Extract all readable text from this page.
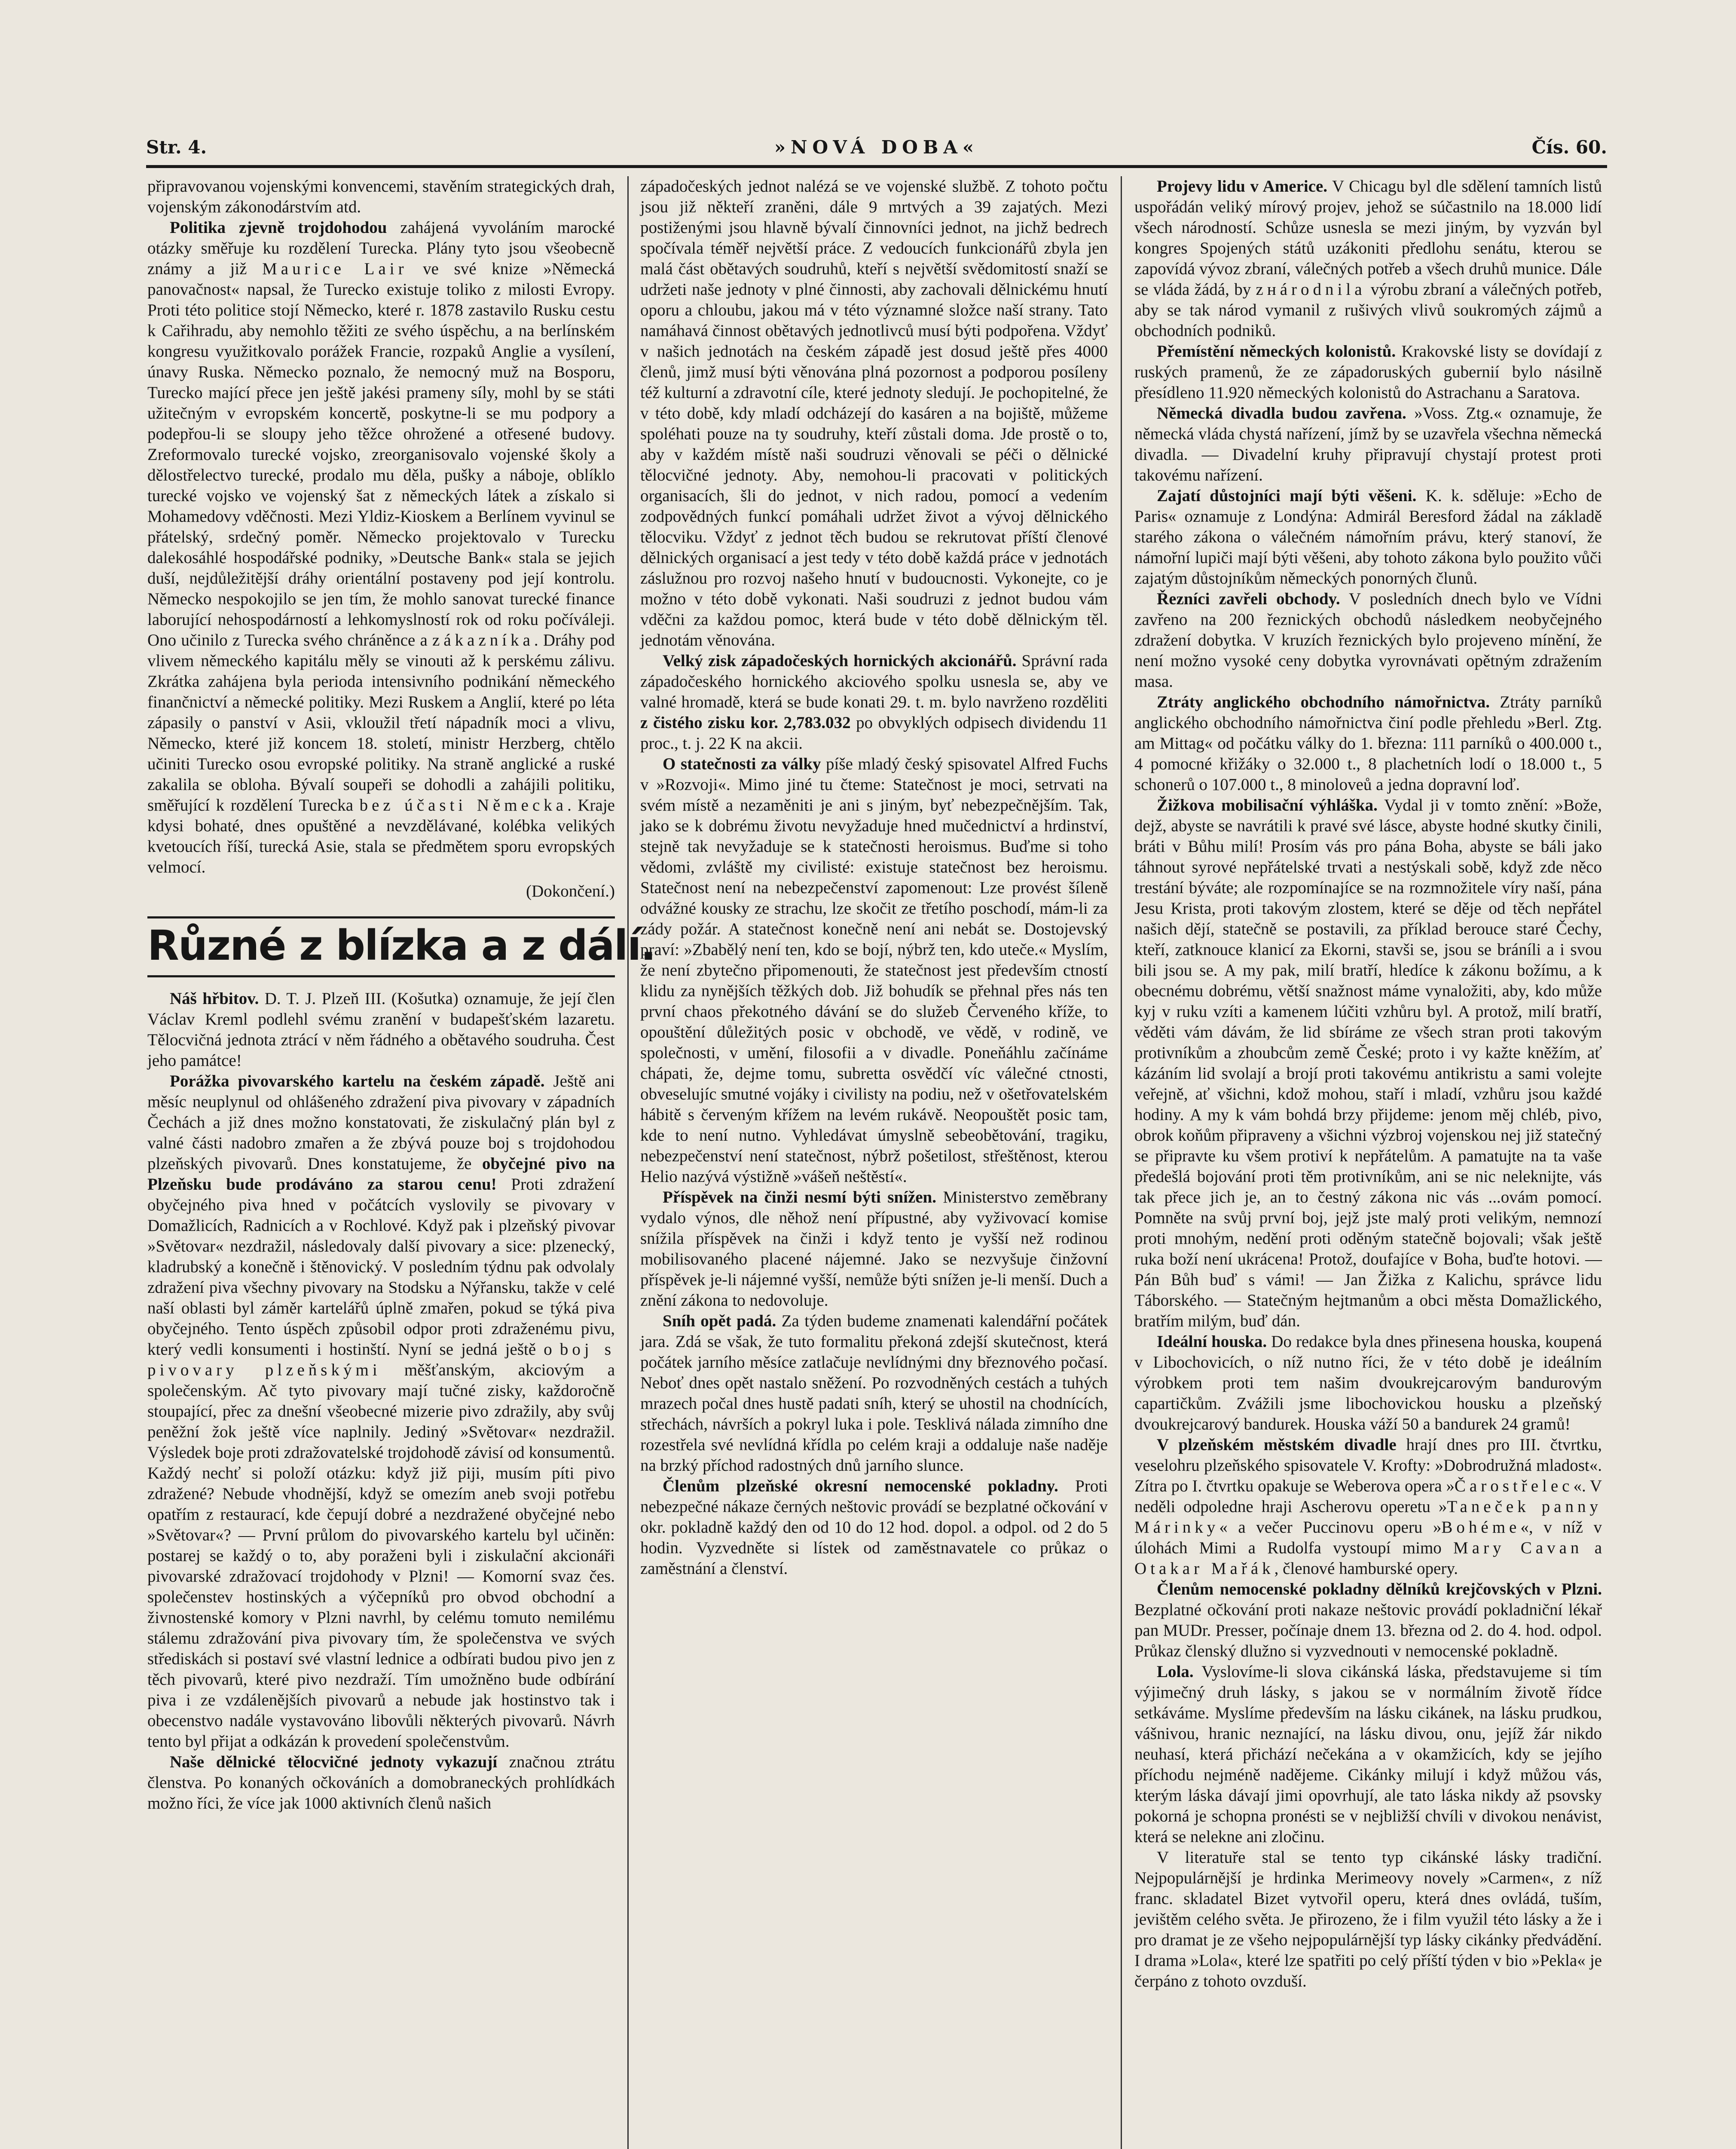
Str. 4.	»NOVÁ DOBA«	Čís. 60.

připravovanou vojenskými konvencemi, stavěním strategických drah, vojenským zákonodárstvím atd.

Politika zjevně trojdohodou zahájená vyvoláním marocké otázky směřuje ku rozdělení Turecka. Plány tyto jsou všeobecně známy a již Maurice Lair ve své knize »Německá panovačnost« napsal, že Turecko existuje toliko z milosti Evropy. Proti této politice stojí Německo, které r. 1878 zastavilo Rusku cestu k Cařihradu, aby nemohlo těžiti ze svého úspěchu, a na berlínském kongresu využitkovalo porážek Francie, rozpaků Anglie a vysílení, únavy Ruska. Německo poznalo, že nemocný muž na Bosporu, Turecko mající přece jen ještě jakési prameny síly, mohl by se státi užitečným v evropském koncertě, poskytne-li se mu podpory a podepřou-li se sloupy jeho těžce ohrožené a otřesené budovy. Zreformovalo turecké vojsko, zreorganisovalo vojenské školy a dělostřelectvo turecké, prodalo mu děla, pušky a náboje, oblíklo turecké vojsko ve vojenský šat z německých látek a získalo si Mohamedovy vděčnosti. Mezi Yldiz-Kioskem a Berlínem vyvinul se přátelský, srdečný poměr. Německo projektovalo v Turecku dalekosáhlé hospodářské podniky, »Deutsche Bank« stala se jejich duší, nejdůležitější dráhy orientální postaveny pod její kontrolu. Německo nespokojilo se jen tím, že mohlo sanovat turecké finance laborující nehospodárností a lehkomyslností rok od roku počíváleji. Ono učinilo z Turecka svého chráněnce a zákazníka. Dráhy pod vlivem německého kapitálu měly se vinouti až k perskému zálivu. Zkrátka zahájena byla perioda intensivního podnikání německého finančnictví a německé politiky. Mezi Ruskem a Anglií, které po léta zápasily o panství v Asii, vkloužil třetí nápadník moci a vlivu, Německo, které již koncem 18. století, ministr Herzberg, chtělo učiniti Turecko osou evropské politiky. Na straně anglické a ruské zakalila se obloha. Bývalí soupeři se dohodli a zahájili politiku, směřující k rozdělení Turecka bez účasti Německa. Kraje kdysi bohaté, dnes opuštěné a nevzdělávané, kolébka velikých kvetoucích říší, turecká Asie, stala se předmětem sporu evropských velmocí.

(Dokončení.)

Různé z blízka a z dálí.

Náš hřbitov. D. T. J. Plzeň III. (Košutka) oznamuje, že její člen Václav Kreml podlehl svému zranění v budapešťském lazaretu. Tělocvičná jednota ztrácí v něm řádného a obětavého soudruha. Čest jeho památce!

Porážka pivovarského kartelu na českém západě. Ještě ani měsíc neuplynul od ohlášeného zdražení piva pivovary v západních Čechách a již dnes možno konstatovati, že ziskulačný plán byl z valné části nadobro zmařen a že zbývá pouze boj s trojdohodou plzeňských pivovarů. Dnes konstatujeme, že obyčejné pivo na Plzeňsku bude prodáváno za starou cenu! Proti zdražení obyčejného piva hned v počátcích vyslovily se pivovary v Domažlicích, Radnicích a v Rochlové. Když pak i plzeňský pivovar »Světovar« nezdražil, následovaly další pivovary a sice: plzenecký, kladrubský a konečně i štěnovický. V posledním týdnu pak odvolaly zdražení piva všechny pivovary na Stodsku a Nýřansku, takže v celé naší oblasti byl záměr kartelářů úplně zmařen, pokud se týká piva obyčejného. Tento úspěch způsobil odpor proti zdraženému pivu, který vedli konsumenti i hostinští. Nyní se jedná ještě o boj s pivovary plzeňskými měšťanským, akciovým a společenským. Ač tyto pivovary mají tučné zisky, každoročně stoupající, přec za dnešní všeobecné mizerie pivo zdražily, aby svůj peněžní žok ještě více naplnily. Jediný »Světovar« nezdražil. Výsledek boje proti zdražovatelské trojdohodě závisí od konsumentů. Každý nechť si položí otázku: když již piji, musím píti pivo zdražené? Nebude vhodnější, když se omezím aneb svoji potřebu opatřím z restaurací, kde čepují dobré a nezdražené obyčejné nebo »Světovar«? — První průlom do pivovarského kartelu byl učiněn: postarej se každý o to, aby poraženi byli i ziskulační akcionáři pivovarské zdražovací trojdohody v Plzni! — Komorní svaz čes. společenstev hostinských a výčepníků pro obvod obchodní a živnostenské komory v Plzni navrhl, by celému tomuto nemilému stálemu zdražování piva pivovary tím, že společenstva ve svých střediskách si postaví své vlastní lednice a odbírati budou pivo jen z těch pivovarů, které pivo nezdraží. Tím umožněno bude odbírání piva i ze vzdálenějších pivovarů a nebude jak hostinstvo tak i obecenstvo nadále vystavováno libovůli některých pivovarů. Návrh tento byl přijat a odkázán k provedení společenstvům.

Naše dělnické tělocvičné jednoty vykazují značnou ztrátu členstva. Po konaných očkováních a domobraneckých prohlídkách možno říci, že více jak 1000 aktivních členů našich

západočeských jednot nalézá se ve vojenské službě. Z tohoto počtu jsou již někteří zraněni, dále 9 mrtvých a 39 zajatých. Mezi postiženými jsou hlavně bývalí činnovníci jednot, na jichž bedrech spočívala téměř největší práce. Z vedoucích funkcionářů zbyla jen malá část obětavých soudruhů, kteří s největší svědomitostí snaží se udržeti naše jednoty v plné činnosti, aby zachovali dělnickému hnutí oporu a chloubu, jakou má v této významné složce naší strany. Tato namáhavá činnost obětavých jednotlivců musí býti podpořena. Vždyť v našich jednotách na českém západě jest dosud ještě přes 4000 členů, jimž musí býti věnována plná pozornost a podporou posíleny též kulturní a zdravotní cíle, které jednoty sledují. Je pochopitelné, že v této době, kdy mladí odcházejí do kasáren a na bojiště, můžeme spoléhati pouze na ty soudruhy, kteří zůstali doma. Jde prostě o to, aby v každém místě naši soudruzi věnovali se péči o dělnické tělocvičné jednoty. Aby, nemohou-li pracovati v politických organisacích, šli do jednot, v nich radou, pomocí a vedením zodpovědných funkcí pomáhali udržet život a vývoj dělnického tělocviku. Vždyť z jednot těch budou se rekrutovat příští členové dělnických organisací a jest tedy v této době každá práce v jednotách záslužnou pro rozvoj našeho hnutí v budoucnosti. Vykonejte, co je možno v této době vykonati. Naši soudruzi z jednot budou vám vděčni za každou pomoc, která bude v této době dělnickým těl. jednotám věnována.

Velký zisk západočeských hornických akcionářů. Správní rada západočeského hornického akciového spolku usnesla se, aby ve valné hromadě, která se bude konati 29. t. m. bylo navrženo rozděliti z čistého zisku kor. 2,783.032 po obvyklých odpisech dividendu 11 proc., t. j. 22 K na akcii.

O statečnosti za války píše mladý český spisovatel Alfred Fuchs v »Rozvoji«. Mimo jiné tu čteme: Statečnost je moci, setrvati na svém místě a nezaměniti je ani s jiným, byť nebezpečnějším. Tak, jako se k dobrému životu nevyžaduje hned mučednictví a hrdinství, stejně tak nevyžaduje se k statečnosti heroismus. Buďme si toho vědomi, zvláště my civilisté: existuje statečnost bez heroismu. Statečnost není na nebezpečenství zapomenout: Lze provést šíleně odvážné kousky ze strachu, lze skočit ze třetího poschodí, mám-li za zády požár. A statečnost konečně není ani nebát se. Dostojevský praví: »Zbabělý není ten, kdo se bojí, nýbrž ten, kdo uteče.« Myslím, že není zbytečno připomenouti, že statečnost jest především ctností klidu za nynějších těžkých dob. Již bohudík se přehnal přes nás ten první chaos překotného dávání se do služeb Červeného kříže, to opouštění důležitých posic v obchodě, ve vědě, v rodině, ve společnosti, v umění, filosofii a v divadle. Poneňáhlu začínáme chápati, že, dejme tomu, subretta osvědčí víc válečné ctnosti, obveselujíc smutné vojáky i civilisty na podiu, než v ošetřovatelském hábitě s červeným křížem na levém rukávě. Neopouštět posic tam, kde to není nutno. Vyhledávat úmyslně sebeobětování, tragiku, nebezpečenství není statečnost, nýbrž pošetilost, střeštěnost, kterou Helio nazývá výstižně »vášeň neštěstí«.

Příspěvek na činži nesmí býti snížen. Ministerstvo zeměbrany vydalo výnos, dle něhož není přípustné, aby vyživovací komise snížila příspěvek na činži i když tento je vyšší než rodinou mobilisovaného placené nájemné. Jako se nezvyšuje činžovní příspěvek je-li nájemné vyšší, nemůže býti snížen je-li menší. Duch a znění zákona to nedovoluje.

Sníh opět padá. Za týden budeme znamenati kalendářní počátek jara. Zdá se však, že tuto formalitu překoná zdejší skutečnost, která počátek jarního měsíce zatlačuje nevlídnými dny březnového počasí. Neboť dnes opět nastalo sněžení. Po rozvodněných cestách a tuhých mrazech počal dnes hustě padati sníh, který se uhostil na chodnících, střechách, návrších a pokryl luka i pole. Tesklivá nálada zimního dne rozestřela své nevlídná křídla po celém kraji a oddaluje naše naděje na brzký příchod radostných dnů jarního slunce.

Členům plzeňské okresní nemocenské pokladny. Proti nebezpečné nákaze černých neštovic provádí se bezplatné očkování v okr. pokladně každý den od 10 do 12 hod. dopol. a odpol. od 2 do 5 hodin. Vyzvedněte si lístek od zaměstnavatele co průkaz o zaměstnání a členství.

Projevy lidu v Americe. V Chicagu byl dle sdělení tamních listů uspořádán veliký mírový projev, jehož se súčastnilo na 18.000 lidí všech národností. Schůze usnesla se mezi jiným, by vyzván byl kongres Spojených států uzákoniti předlohu senátu, kterou se zapovídá vývoz zbraní, válečných potřeb a všech druhů munice. Dále se vláda žádá, by zнárodnila výrobu zbraní a válečných potřeb, aby se tak národ vymanil z rušivých vlivů soukromých zájmů a obchodních podniků.

Přemístění německých kolonistů. Krakovské listy se dovídají z ruských pramenů, že ze západoruských gubernií bylo násilně přesídleno 11.920 německých kolonistů do Astrachanu a Saratova.

Německá divadla budou zavřena. »Voss. Ztg.« oznamuje, že německá vláda chystá nařízení, jímž by se uzavřela všechna německá divadla. — Divadelní kruhy připravují chystají protest proti takovému nařízení.

Zajatí důstojníci mají býti věšeni. K. k. sděluje: »Echo de Paris« oznamuje z Londýna: Admirál Beresford žádal na základě starého zákona o válečném námořním právu, který stanoví, že námořní lupiči mají býti věšeni, aby tohoto zákona bylo použito vůči zajatým důstojníkům německých ponorných člunů.

Řezníci zavřeli obchody. V posledních dnech bylo ve Vídni zavřeno na 200 řeznických obchodů následkem neobyčejného zdražení dobytka. V kruzích řeznických bylo projeveno mínění, že není možno vysoké ceny dobytka vyrovnávati opětným zdražením masa.

Ztráty anglického obchodního námořnictva. Ztráty parníků anglického obchodního námořnictva činí podle přehledu »Berl. Ztg. am Mittag« od počátku války do 1. března: 111 parníků o 400.000 t., 4 pomocné křižáky o 32.000 t., 8 plachetních lodí o 18.000 t., 5 schonerů o 107.000 t., 8 minoloveů a jedna dopravní loď.

Žižkova mobilisační výhláška. Vydal ji v tomto znění: »Bože, dejž, abyste se navrátili k pravé své lásce, abyste hodné skutky činili, bráti v Bůhu milí! Prosím vás pro pána Boha, abyste se báli jako táhnout syrové nepřátelské trvati a nestýskali sobě, když zde něco trestání býváte; ale rozpomínajíce se na rozmnožitele víry naší, pána Jesu Krista, proti takovým zlostem, které se děje od těch nepřátel našich dějí, statečně se postavili, za příklad berouce staré Čechy, kteří, zatknouce klanicí za Ekorni, stavši se, jsou se bráníli a i svou bili jsou se. A my pak, milí bratří, hledíce k zákonu božímu, a k obecnému dobrému, větší snažnost máme vynaložiti, aby, kdo může kyj v ruku vzíti a kamenem lúčiti vzhůru byl. A protož, milí bratří, věděti vám dávám, že lid sbíráme ze všech stran proti takovým protivníkům a zhoubcům země České; proto i vy kažte kněžím, ať kázáním lid svolají a brojí proti takovému antikristu a sami volejte veřejně, ať všichni, kdož mohou, staří i mladí, vzhůru jsou každé hodiny. A my k vám bohdá brzy přijdeme: jenom měj chléb, pivo, obrok koňům připraveny a všichni výzbroj vojenskou nej již statečný se připravte ku všem protiví k nepřátelům. A pamatujte na ta vaše předešlá bojování proti těm protivníkům, ani se nic neleknijte, vás tak přece jich je, an to čestný zákona nic vás ...ovám pomocí. Pomněte na svůj první boj, jejž jste malý proti velikým, nemnozí proti mnohým, nedění proti oděným statečně bojovali; však ještě ruka boží není ukrácena! Protož, doufajíce v Boha, buďte hotovi. — Pán Bůh buď s vámi! — Jan Žižka z Kalichu, správce lidu Táborského. — Statečným hejtmanům a obci města Domažlického, bratřím milým, buď dán.

Ideální houska. Do redakce byla dnes přinesena houska, koupená v Libochovicích, o níž nutno říci, že v této době je ideálním výrobkem proti tem našim dvoukrejcarovým bandurovým capartičkům. Zvážili jsme libochovickou housku a plzeňský dvoukrejcarový bandurek. Houska váží 50 a bandurek 24 gramů!

V plzeňském městském divadle hrají dnes pro III. čtvrtku, veselohru plzeňského spisovatele V. Krofty: »Dobrodružná mladost«. Zítra po I. čtvrtku opakuje se Weberova opera »Čarostřelec«. V neděli odpoledne hraji Ascherovu operetu »Taneček panny Márinky« a večer Puccinovu operu »Bohéme«, v níž v úlohách Mimi a Rudolfa vystoupí mimo Mary Cavan a Otakar Mařák, členové hamburské opery.

Členům nemocenské pokladny dělníků krejčovských v Plzni. Bezplatné očkování proti nakaze neštovic provádí pokladniční lékař pan MUDr. Presser, počínaje dnem 13. března od 2. do 4. hod. odpol. Průkaz členský dlužno si vyzvednouti v nemocenské pokladně.

Lola. Vyslovíme-li slova cikánská láska, představujeme si tím výjimečný druh lásky, s jakou se v normálním životě řídce setkáváme. Myslíme především na lásku cikánek, na lásku prudkou, vášnivou, hranic neznající, na lásku divou, onu, jejíž žár nikdo neuhasí, která přichází nečekána a v okamžicích, kdy se jejího příchodu nejméně nadějeme. Cikánky milují i když můžou vás, kterým láska dávají jimi opovrhují, ale tato láska nikdy až psovsky pokorná je schopna pronésti se v nejbližší chvíli v divokou nenávist, která se nelekne ani zločinu.

V literatuře stal se tento typ cikánské lásky tradiční. Nejpopulárnější je hrdinka Merimeovy novely »Carmen«, z níž franc. skladatel Bizet vytvořil operu, která dnes ovládá, tuším, jevištěm celého světa. Je přirozeno, že i film využil této lásky a že i pro dramat je ze všeho nejpopulárnější typ lásky cikánky předvádění. I drama »Lola«, které lze spatřiti po celý příští týden v bio »Pekla« je čerpáno z tohoto ovzduší.
